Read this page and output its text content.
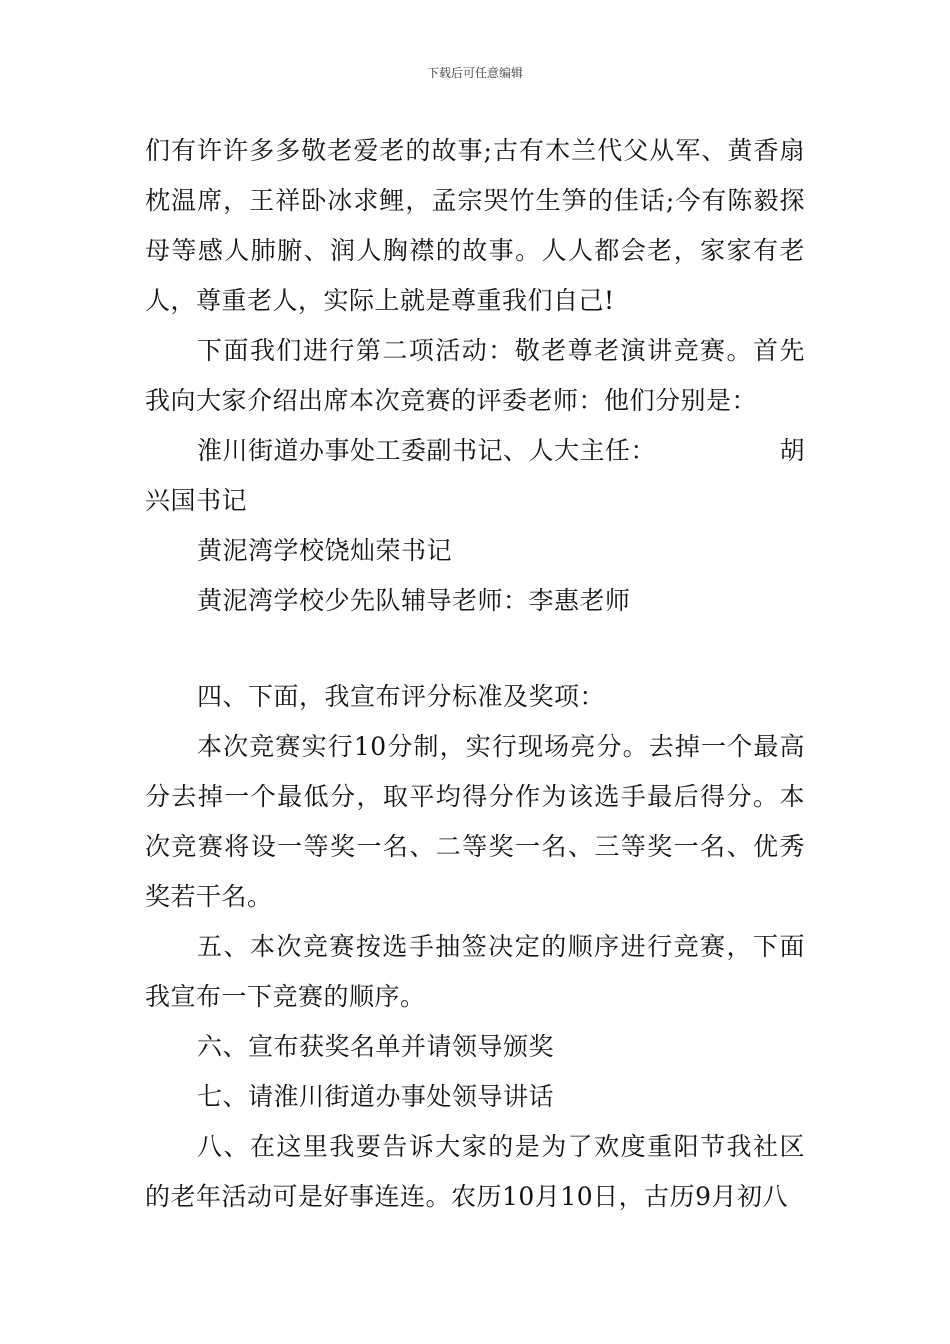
下载后可任意编辑

们有许许多多敬老爱老的故事;古有木兰代父从军、黄香扇枕温席，王祥卧冰求鲤，孟宗哭竹生笋的佳话;今有陈毅探母等感人肺腑、润人胸襟的故事。人人都会老，家家有老人，尊重老人，实际上就是尊重我们自己!

下面我们进行第二项活动：敬老尊老演讲竞赛。首先我向大家介绍出席本次竞赛的评委老师：他们分别是：

淮川街道办事处工委副书记、人大主任：	胡

兴国书记

黄泥湾学校饶灿荣书记

黄泥湾学校少先队辅导老师：李惠老师

四、下面，我宣布评分标准及奖项：

本次竞赛实行10分制，实行现场亮分。去掉一个最高分去掉一个最低分，取平均得分作为该选手最后得分。本次竞赛将设一等奖一名、二等奖一名、三等奖一名、优秀奖若干名。

五、本次竞赛按选手抽签决定的顺序进行竞赛，下面我宣布一下竞赛的顺序。

六、宣布获奖名单并请领导颁奖

七、请淮川街道办事处领导讲话

八、在这里我要告诉大家的是为了欢度重阳节我社区的老年活动可是好事连连。农历10月10日，古历9月初八
